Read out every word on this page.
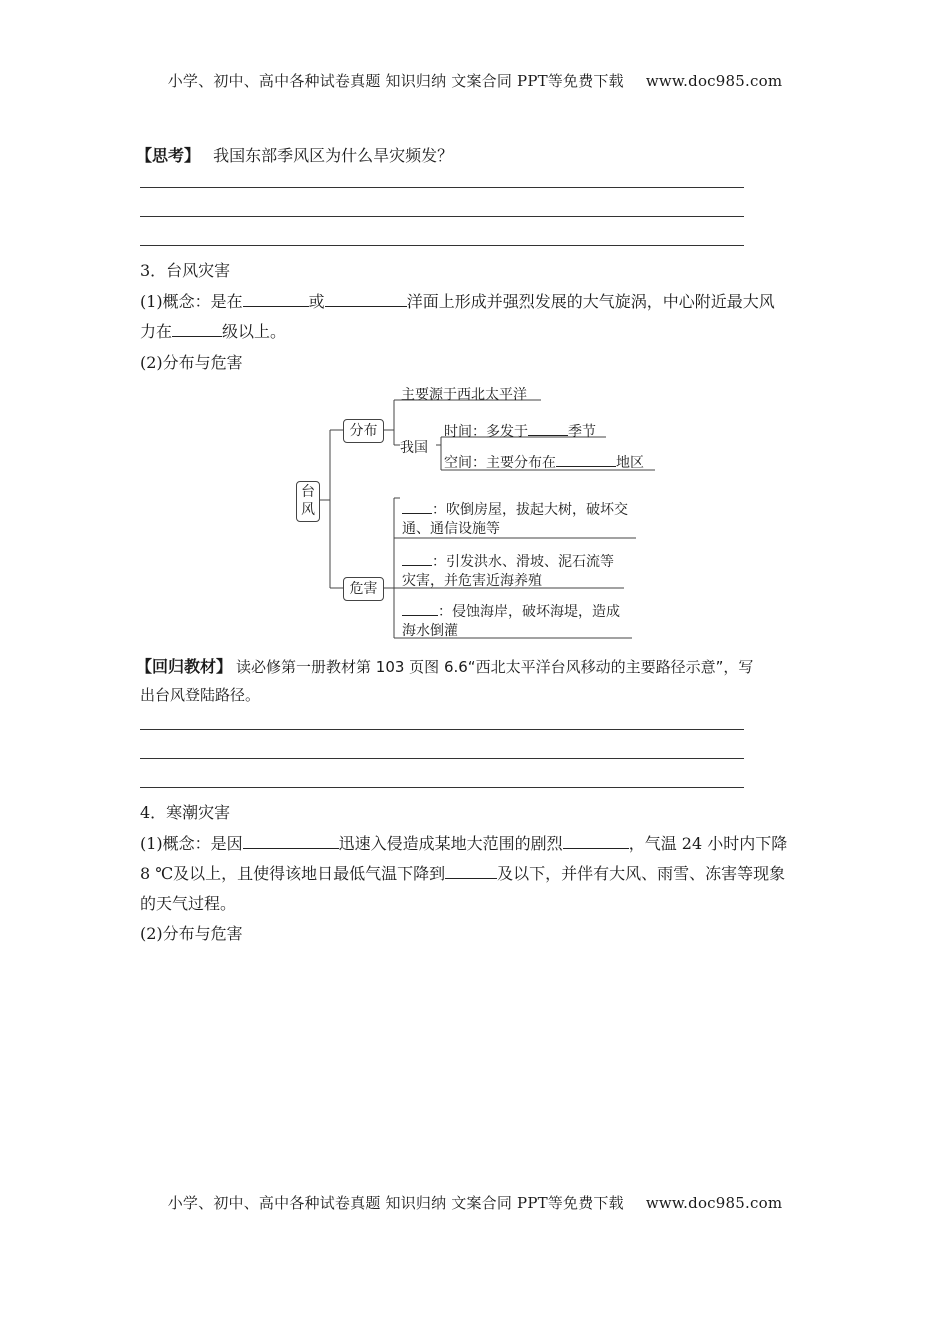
小学、初中、高中各种试卷真题 知识归纳 文案合同 PPT等免费下载 www.doc985.com
【思考】 我国东部季风区为什么旱灾频发？
3．台风灾害
(1)概念：是在	或	洋面上形成并强烈发展的大气旋涡，中心附近最大风
力在	级以上。
(2)分布与危害
台风
分布
危害
主要源于西北太平洋
我国
时间：多发于	季节
空间：主要分布在	地区
：吹倒房屋，拔起大树，破坏交
通、通信设施等
：引发洪水、滑坡、泥石流等
灾害，并危害近海养殖
：侵蚀海岸，破坏海堤，造成
海水倒灌
【回归教材】 读必修第一册教材第 103 页图 6.6“西北太平洋台风移动的主要路径示意”，写
出台风登陆路径。
4．寒潮灾害
(1)概念：是因	迅速入侵造成某地大范围的剧烈	，气温 24 小时内下降
8 ℃及以上，且使得该地日最低气温下降到	及以下，并伴有大风、雨雪、冻害等现象
的天气过程。
(2)分布与危害
小学、初中、高中各种试卷真题 知识归纳 文案合同 PPT等免费下载 www.doc985.com
